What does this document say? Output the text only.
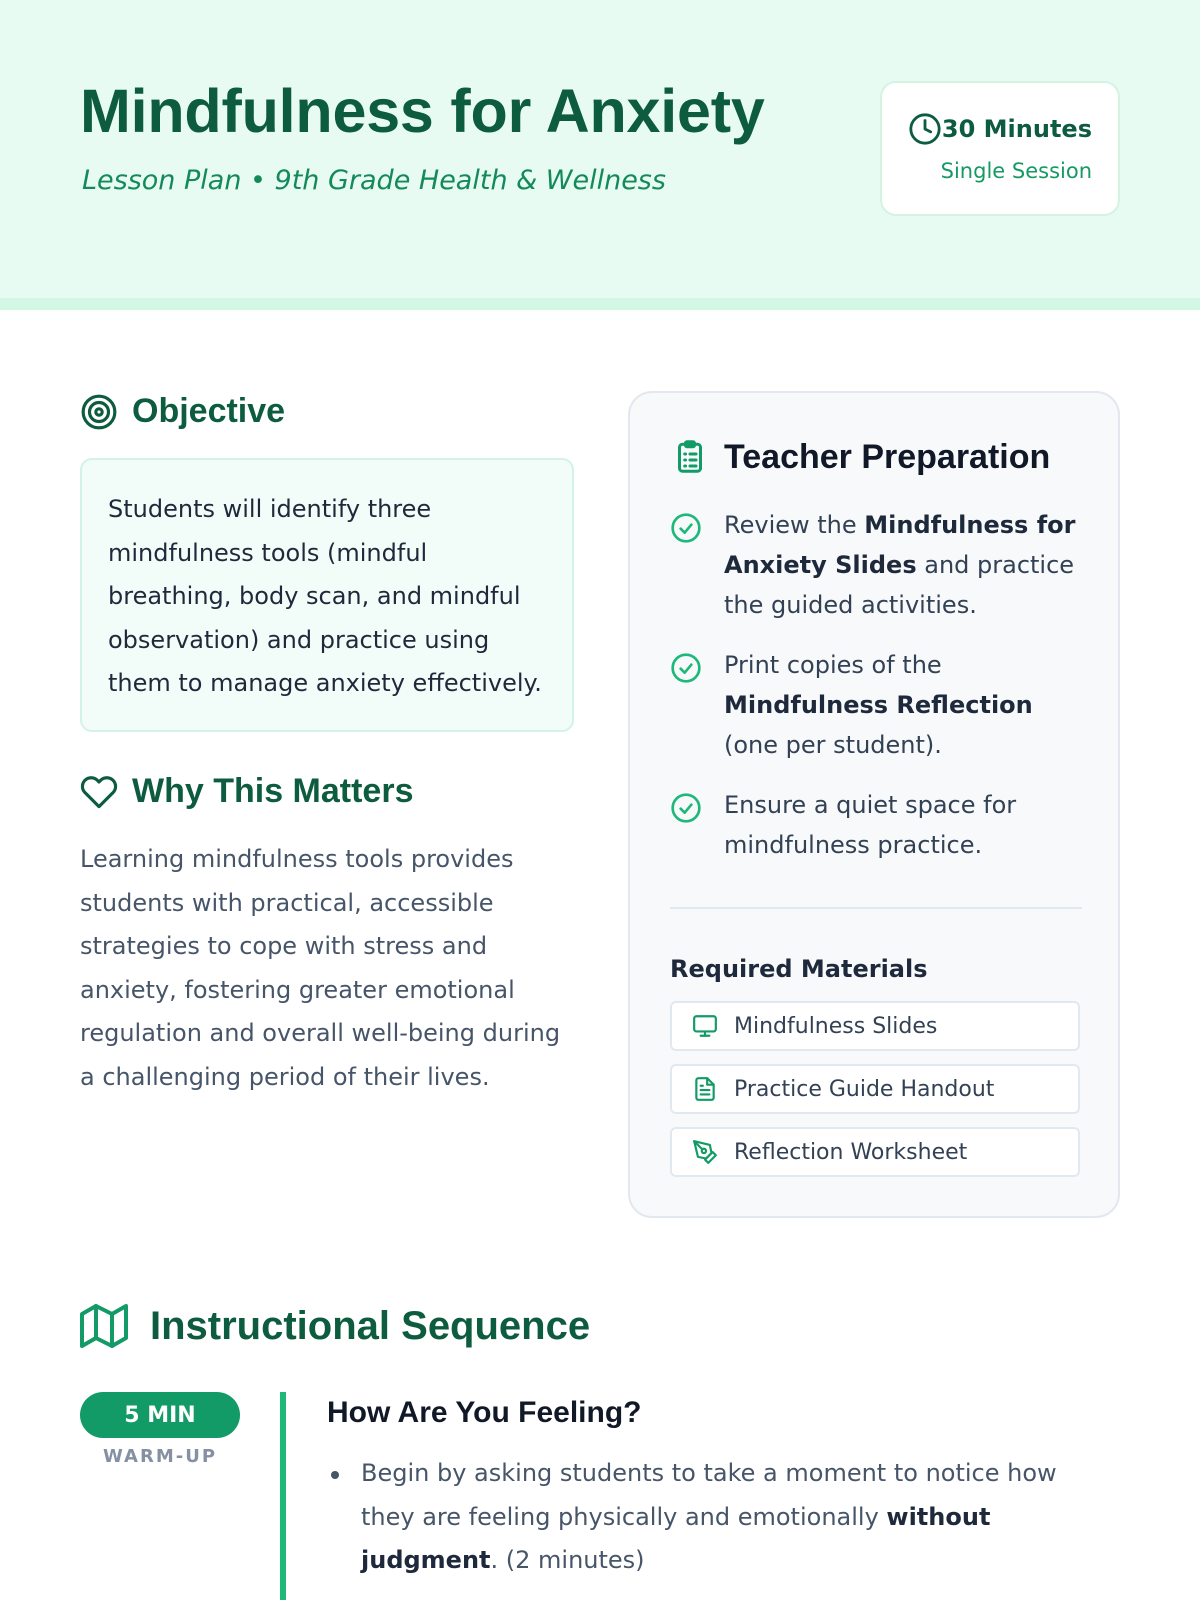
Mindfulness for Anxiety
Lesson Plan • 9th Grade Health & Wellness
30 Minutes
Single Session
Objective

Students will identify three mindfulness tools (mindful breathing, body scan, and mindful observation) and practice using them to manage anxiety effectively.

Why This Matters

Learning mindfulness tools provides students with practical, accessible strategies to cope with stress and anxiety, fostering greater emotional regulation and overall well-being during a challenging period of their lives.

Teacher Preparation
Review the Mindfulness for Anxiety Slides and practice the guided activities.
Print copies of the Mindfulness Reflection (one per student).
Ensure a quiet space for mindfulness practice.
Required Materials
Mindfulness Slides
Practice Guide Handout
Reflection Worksheet
Instructional Sequence
5 MIN
WARM-UP
How Are You Feeling?
Begin by asking students to take a moment to notice how they are feeling physically and emotionally without judgment. (2 minutes)
